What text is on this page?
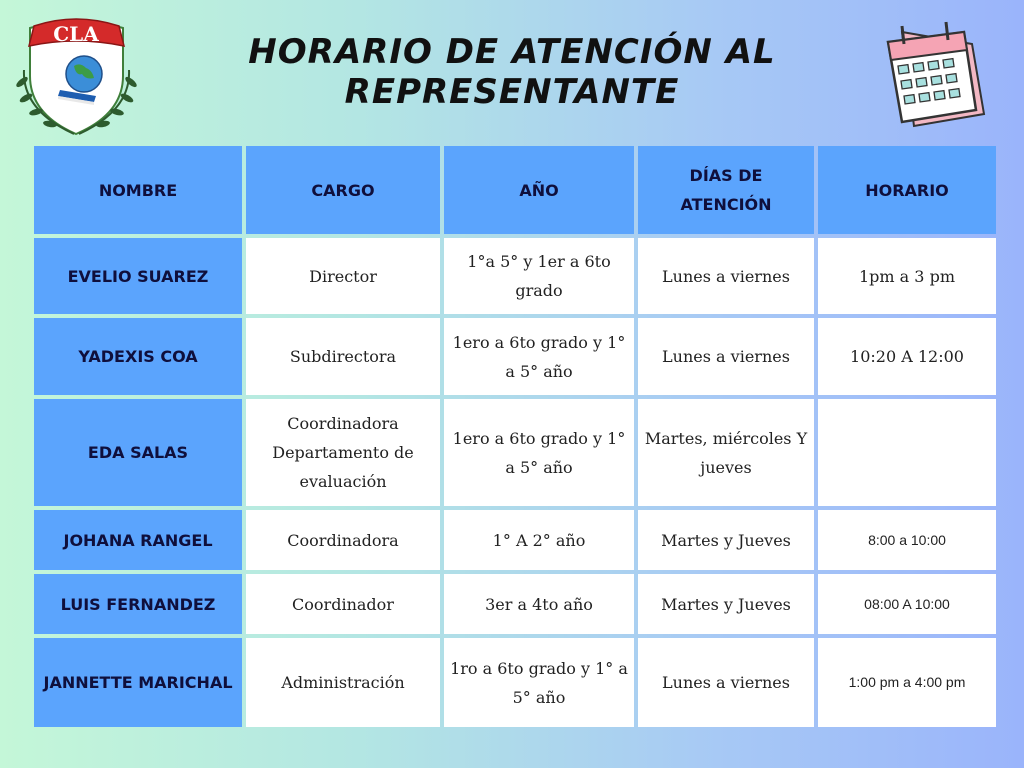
CLA	HORARIO DE ATENCIÓN AL
REPRESENTANTE
NOMBRE	CARGO	AÑO	DÍAS DE ATENCIÓN	HORARIO
EVELIO SUAREZ	Director	1°a 5° y 1er a 6to grado	Lunes a viernes	1pm a 3 pm
YADEXIS COA	Subdirectora	1ero a 6to grado y 1° a 5° año	Lunes a viernes	10:20 A 12:00
EDA SALAS	Coordinadora Departamento de evaluación	1ero a 6to grado y 1° a 5° año	Martes, miércoles Y jueves	
JOHANA RANGEL	Coordinadora	1° A 2° año	Martes y Jueves	8:00 a 10:00
LUIS FERNANDEZ	Coordinador	3er a 4to año	Martes y Jueves	08:00 A 10:00
JANNETTE MARICHAL	Administración	1ro a 6to grado y 1° a 5° año	Lunes a viernes	1:00 pm a 4:00 pm
